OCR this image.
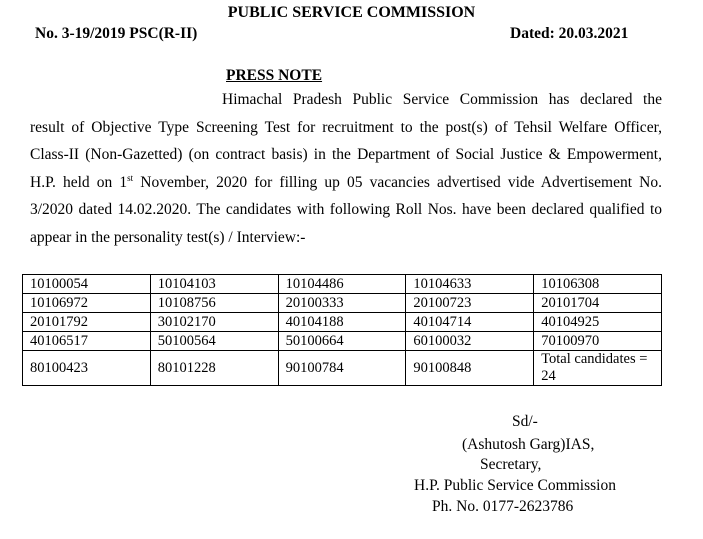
PUBLIC SERVICE COMMISSION
No. 3-19/2019 PSC(R-II)	Dated: 20.03.2021
PRESS NOTE
Himachal Pradesh Public Service Commission has declared the
result of Objective Type Screening Test for recruitment to the post(s) of Tehsil Welfare Officer,
Class-II (Non-Gazetted) (on contract basis) in the Department of Social Justice & Empowerment,
H.P. held on 1st November, 2020 for filling up 05 vacancies advertised vide Advertisement No.
3/2020 dated 14.02.2020. The candidates with following Roll Nos. have been declared qualified to
appear in the personality test(s) / Interview:-
10100054	10104103	10104486	10104633	10106308
10106972	10108756	20100333	20100723	20101704
20101792	30102170	40104188	40104714	40104925
40106517	50100564	50100664	60100032	70100970
80100423	80101228	90100784	90100848	Total candidates = 24
Sd/-
(Ashutosh Garg)IAS,
Secretary,
H.P. Public Service Commission
Ph. No. 0177-2623786
